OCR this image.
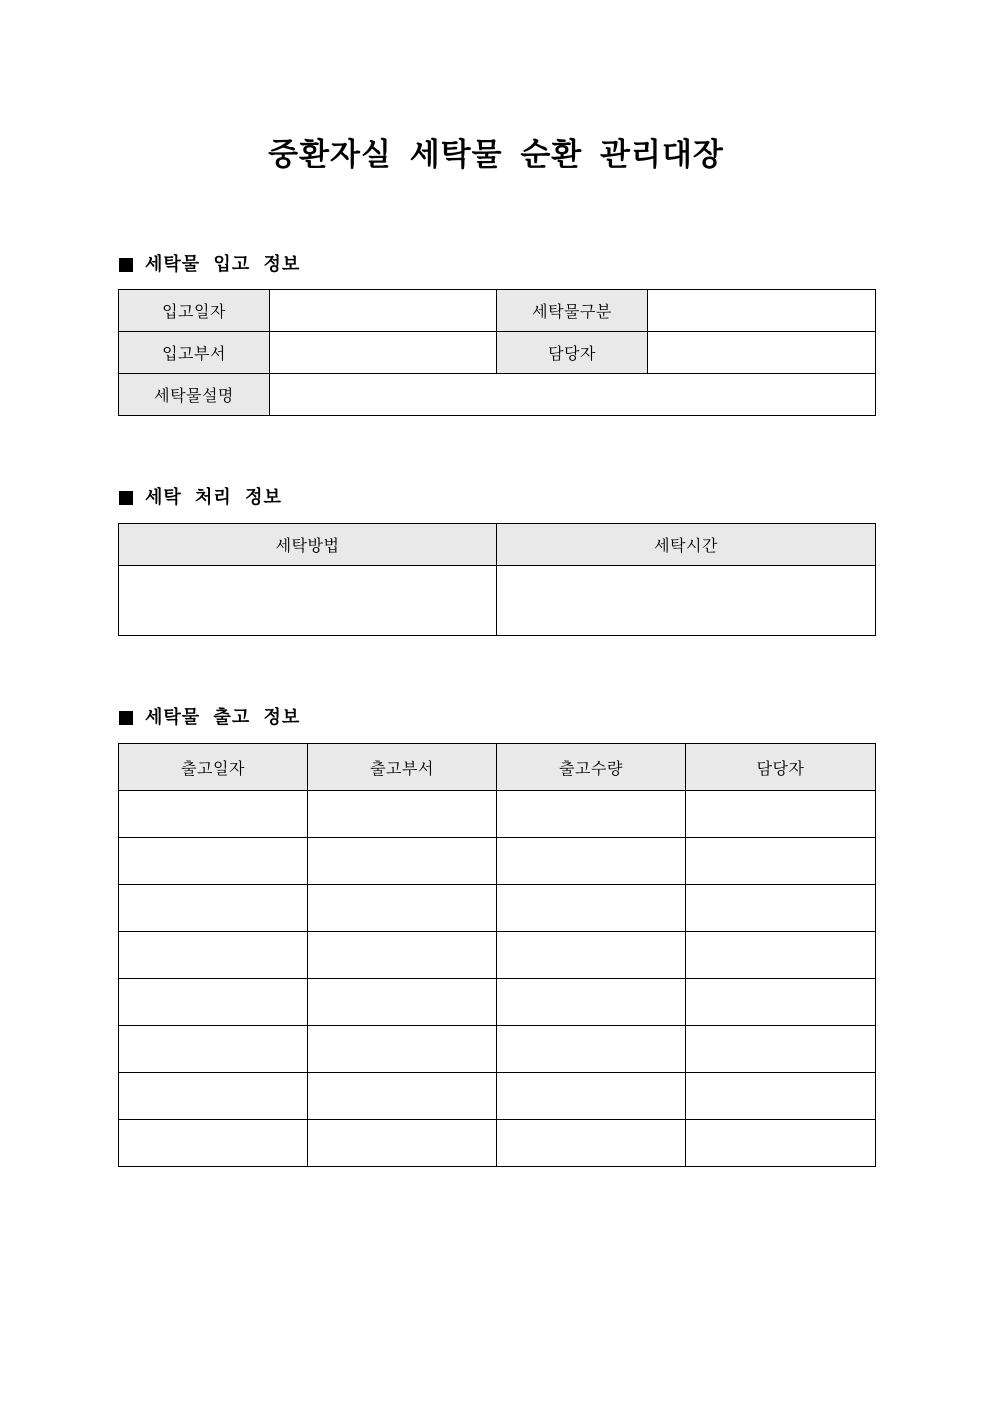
중환자실 세탁물 순환 관리대장
세탁물 입고 정보
입고일자		세탁물구분	
입고부서		담당자	
세탁물설명			
세탁 처리 정보
세탁방법	세탁시간

세탁물 출고 정보
출고일자	출고부서	출고수량	담당자
